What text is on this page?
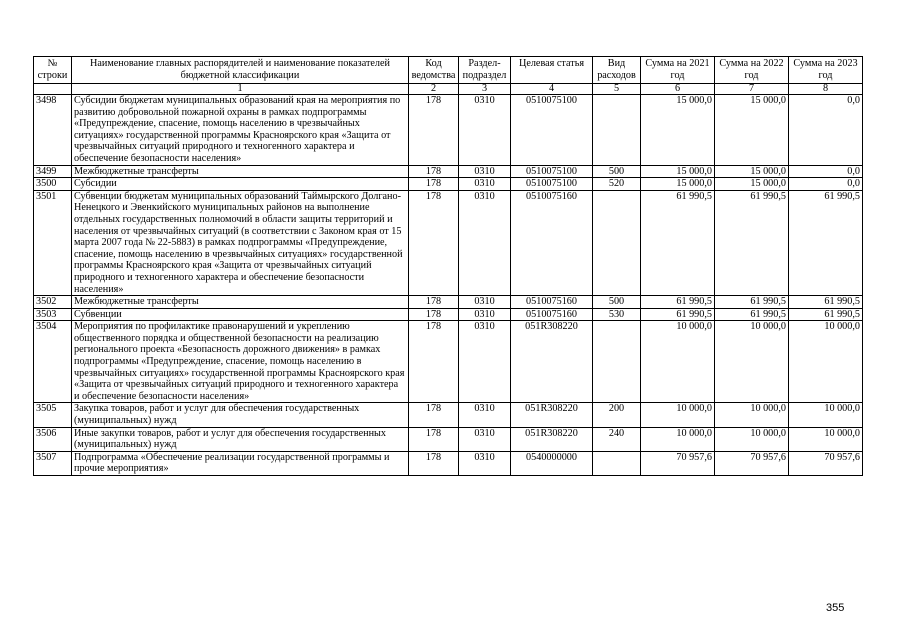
№ строки	Наименование главных распорядителей и наименование показателей бюджетной классификации	Код ведомства	Раздел-подраздел	Целевая статья	Вид расходов	Сумма на 2021 год	Сумма на 2022 год	Сумма на 2023 год
	1	2	3	4	5	6	7	8
3498	Субсидии бюджетам муниципальных образований края на мероприятия по развитию добровольной пожарной охраны в рамках подпрограммы «Предупреждение, спасение, помощь населению в чрезвычайных ситуациях» государственной программы Красноярского края «Защита от чрезвычайных ситуаций природного и техногенного характера и обеспечение безопасности населения»	178	0310	0510075100		15 000,0	15 000,0	0,0
3499	Межбюджетные трансферты	178	0310	0510075100	500	15 000,0	15 000,0	0,0
3500	Субсидии	178	0310	0510075100	520	15 000,0	15 000,0	0,0
3501	Субвенции бюджетам муниципальных образований Таймырского Долгано-Ненецкого и Эвенкийского муниципальных районов на выполнение отдельных государственных полномочий в области защиты территорий и населения от чрезвычайных ситуаций (в соответствии с Законом края от 15 марта 2007 года № 22-5883) в рамках подпрограммы «Предупреждение, спасение, помощь населению в чрезвычайных ситуациях» государственной программы Красноярского края «Защита от чрезвычайных ситуаций природного и техногенного характера и обеспечение безопасности населения»	178	0310	0510075160		61 990,5	61 990,5	61 990,5
3502	Межбюджетные трансферты	178	0310	0510075160	500	61 990,5	61 990,5	61 990,5
3503	Субвенции	178	0310	0510075160	530	61 990,5	61 990,5	61 990,5
3504	Мероприятия по профилактике правонарушений и укреплению общественного порядка и общественной безопасности на реализацию регионального проекта «Безопасность дорожного движения» в рамках подпрограммы «Предупреждение, спасение, помощь населению в чрезвычайных ситуациях» государственной программы Красноярского края «Защита от чрезвычайных ситуаций природного и техногенного характера и обеспечение безопасности населения»	178	0310	051R308220		10 000,0	10 000,0	10 000,0
3505	Закупка товаров, работ и услуг для обеспечения государственных (муниципальных) нужд	178	0310	051R308220	200	10 000,0	10 000,0	10 000,0
3506	Иные закупки товаров, работ и услуг для обеспечения государственных (муниципальных) нужд	178	0310	051R308220	240	10 000,0	10 000,0	10 000,0
3507	Подпрограмма «Обеспечение реализации государственной программы и прочие мероприятия»	178	0310	0540000000		70 957,6	70 957,6	70 957,6
355
